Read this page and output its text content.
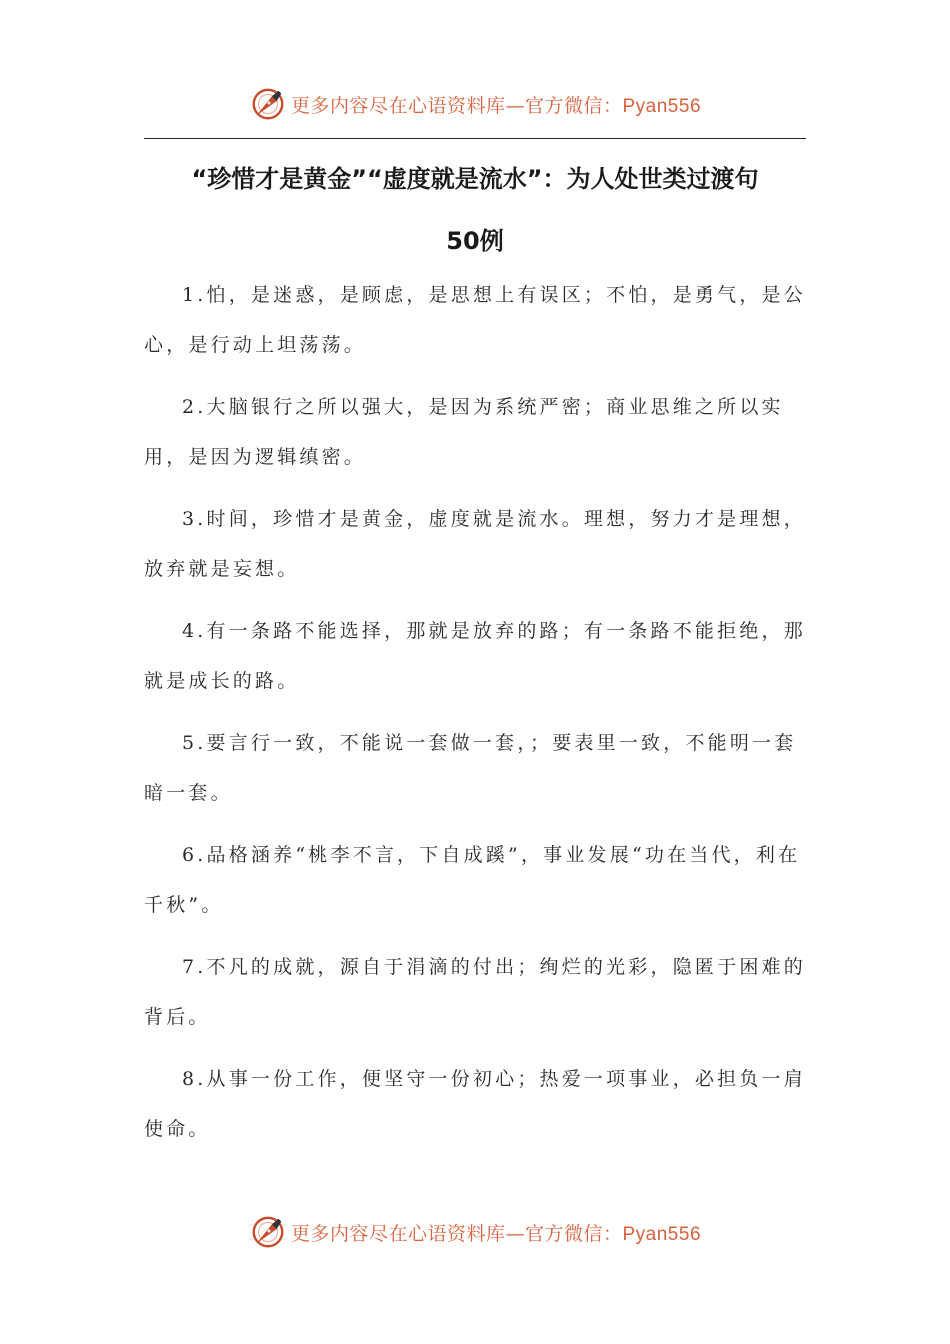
更多内容尽在心语资料库—官方微信：Pyan556
“珍惜才是黄金”“虚度就是流水”：为人处世类过渡句
50例

1.怕，是迷惑，是顾虑，是思想上有误区；不怕，是勇气，是公心，是行动上坦荡荡。

2.大脑银行之所以强大，是因为系统严密；商业思维之所以实用，是因为逻辑缜密。

3.时间，珍惜才是黄金，虚度就是流水。理想，努力才是理想，放弃就是妄想。

4.有一条路不能选择，那就是放弃的路；有一条路不能拒绝，那就是成长的路。

5.要言行一致，不能说一套做一套，；要表里一致，不能明一套暗一套。

6.品格涵养“桃李不言，下自成蹊”，事业发展“功在当代，利在千秋”。

7.不凡的成就，源自于涓滴的付出；绚烂的光彩，隐匿于困难的背后。

8.从事一份工作，便坚守一份初心；热爱一项事业，必担负一肩使命。

更多内容尽在心语资料库—官方微信：Pyan556
